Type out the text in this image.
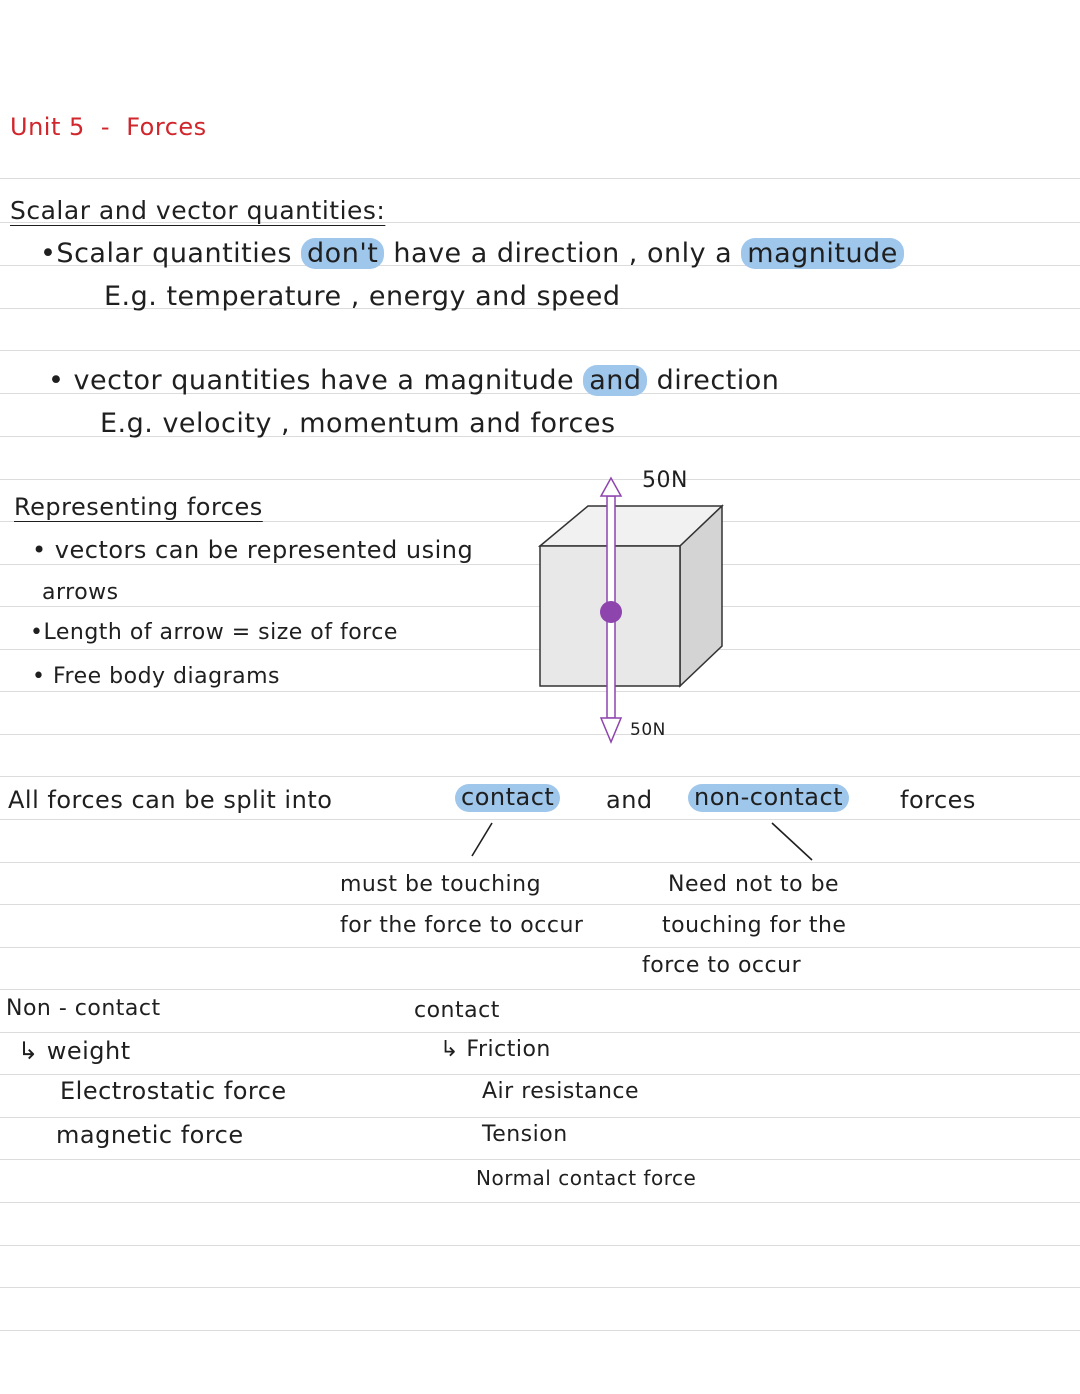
Unit 5 - Forces
Scalar and vector quantities:
•Scalar quantities don't have a direction , only a magnitude
E.g. temperature , energy and speed
• vector quantities have a magnitude and direction
E.g. velocity , momentum and forces
Representing forces
• vectors can be represented using
arrows
•Length of arrow = size of force
• Free body diagrams
50N
50N
All forces can be split into	contact and non-contact forces
must be touching
for the force to occur
Need not to be
touching for the
force to occur
Non - contact
↳ weight
Electrostatic force
magnetic force
contact
↳ Friction
Air resistance
Tension
Normal contact force
